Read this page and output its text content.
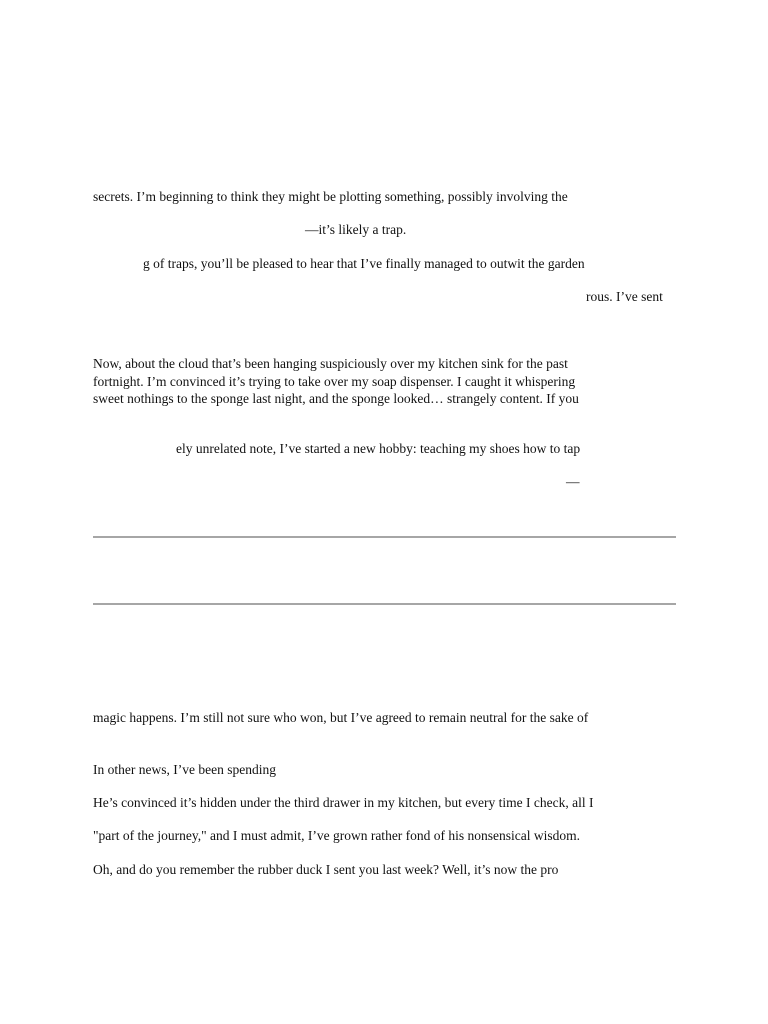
secrets. I’m beginning to think they might be plotting something, possibly involving the
—it’s likely a trap.
g of traps, you’ll be pleased to hear that I’ve finally managed to outwit the garden
rous. I’ve sent
Now, about the cloud that’s been hanging suspiciously over my kitchen sink for the past
fortnight. I’m convinced it’s trying to take over my soap dispenser. I caught it whispering
sweet nothings to the sponge last night, and the sponge looked… strangely content. If you
ely unrelated note, I’ve started a new hobby: teaching my shoes how to tap
—
magic happens. I’m still not sure who won, but I’ve agreed to remain neutral for the sake of
In other news, I’ve been spending
He’s convinced it’s hidden under the third drawer in my kitchen, but every time I check, all I
"part of the journey," and I must admit, I’ve grown rather fond of his nonsensical wisdom.
Oh, and do you remember the rubber duck I sent you last week? Well, it’s now the pro
